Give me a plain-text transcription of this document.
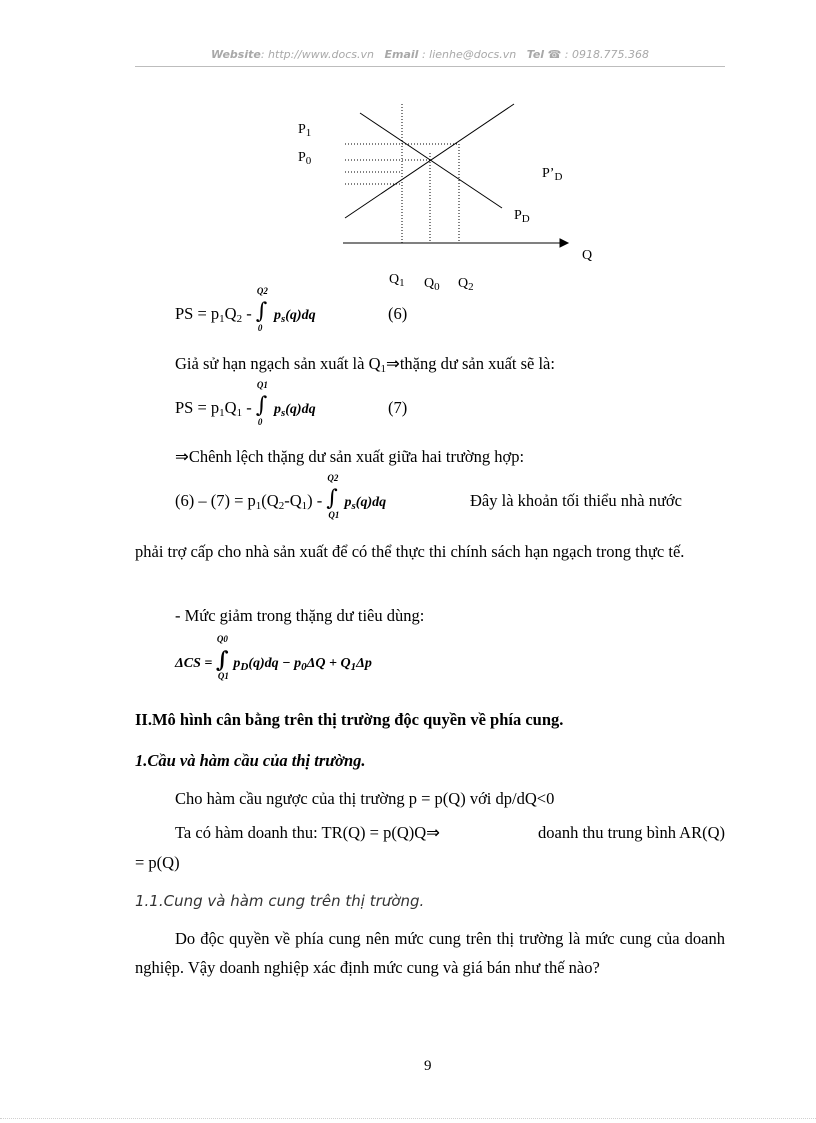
Website: http://www.docs.vn Email : lienhe@docs.vn Tel ☎ : 0918.775.368
$P_1$
$P_0$
$P’_D$
$P_D$
Q
$Q_1$ $Q_0$ $Q_2$
PS = $p_1Q_2$ -
Q2
∫
0
$p_s(q)dq$	(6)
Giả sử hạn ngạch sản xuất là $Q_1\Rightarrow thặng$ dư sản xuất sẽ là:
PS = $p_1Q_1$ -
Q1
∫
0
$p_s(q)dq$	(7)
⇒Chênh lệch thặng dư sản xuất giữa hai trường hợp:
$(6) - (7) = p_1(Q_2-Q_1)$ -
Q2
∫
Q1
$p_s(q)dq$	Đây là khoản tối thiểu nhà nước
phải trợ cấp cho nhà sản xuất để có thể thực thi chính sách hạn ngạch trong thực tế.
- Mức giảm trong thặng dư tiêu dùng:
ΔCS =
Q0
∫
Q1
$p_D(q)dq - p_0\Delta Q + Q_1\Delta p$
II.Mô hình cân bằng trên thị trường độc quyền về phía cung.
1.Cầu và hàm cầu của thị trường.
Cho hàm cầu ngược của thị trường p = p(Q) với dp/dQ<0
Ta có hàm doanh thu: TR(Q) = p(Q)Q⇒	doanh thu trung bình AR(Q)
= p(Q)
1.1.Cung và hàm cung trên thị trường.
Do độc quyền về phía cung nên mức cung trên thị trường là mức cung của doanh nghiệp. Vậy doanh nghiệp xác định mức cung và giá bán như thế nào?
9
